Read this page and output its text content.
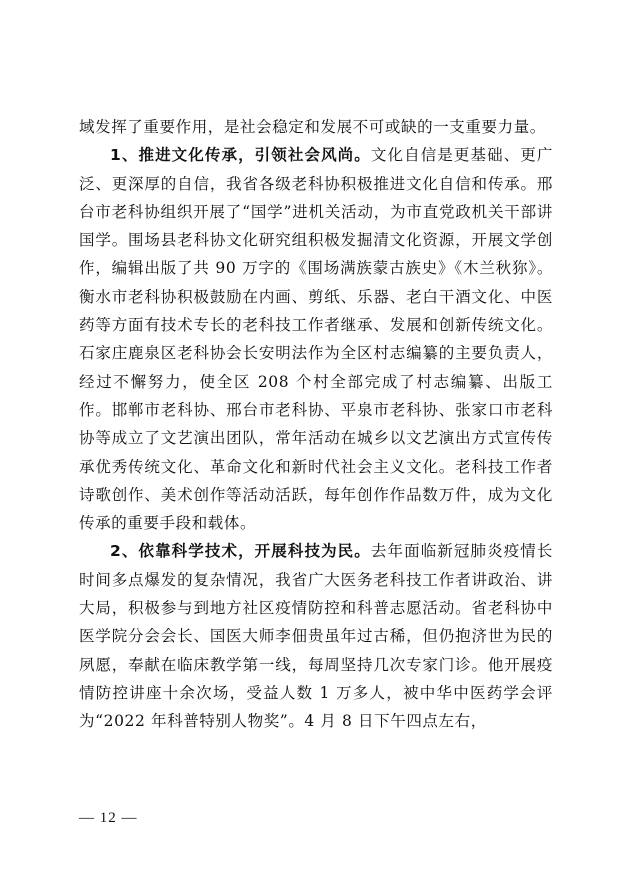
域发挥了重要作用，是社会稳定和发展不可或缺的一支重要力量。

1、推进文化传承，引领社会风尚。文化自信是更基础、更广泛、更深厚的自信，我省各级老科协积极推进文化自信和传承。邢台市老科协组织开展了“国学”进机关活动，为市直党政机关干部讲国学。围场县老科协文化研究组积极发掘清文化资源，开展文学创作，编辑出版了共 90 万字的《围场满族蒙古族史》《木兰秋狝》。衡水市老科协积极鼓励在内画、剪纸、乐器、老白干酒文化、中医药等方面有技术专长的老科技工作者继承、发展和创新传统文化。石家庄鹿泉区老科协会长安明法作为全区村志编纂的主要负责人，经过不懈努力，使全区 208 个村全部完成了村志编纂、出版工作。邯郸市老科协、邢台市老科协、平泉市老科协、张家口市老科协等成立了文艺演出团队，常年活动在城乡以文艺演出方式宣传传承优秀传统文化、革命文化和新时代社会主义文化。老科技工作者诗歌创作、美术创作等活动活跃，每年创作作品数万件，成为文化传承的重要手段和载体。

2、依靠科学技术，开展科技为民。去年面临新冠肺炎疫情长时间多点爆发的复杂情况，我省广大医务老科技工作者讲政治、讲大局，积极参与到地方社区疫情防控和科普志愿活动。省老科协中医学院分会会长、国医大师李佃贵虽年过古稀，但仍抱济世为民的夙愿，奉献在临床教学第一线，每周坚持几次专家门诊。他开展疫情防控讲座十余次场，受益人数 1 万多人，被中华中医药学会评为“2022 年科普特别人物奖”。4 月 8 日下午四点左右，

— 12 —
